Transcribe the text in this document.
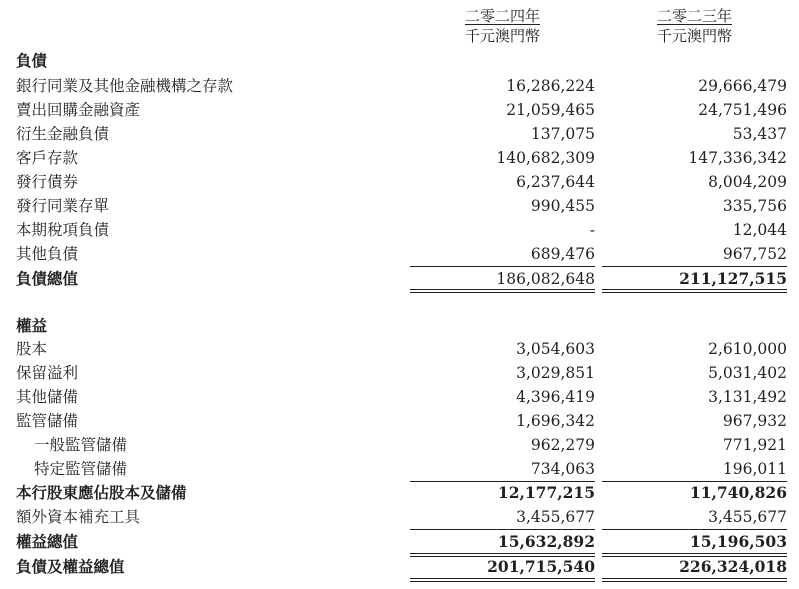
二零二四年
千元澳門幣
二零二三年
千元澳門幣
負債
銀行同業及其他金融機構之存款	16,286,224	29,666,479
賣出回購金融資產	21,059,465	24,751,496
衍生金融負債	137,075	53,437
客戶存款	140,682,309	147,336,342
發行債券	6,237,644	8,004,209
發行同業存單	990,455	335,756
本期稅項負債	-	12,044
其他負債	689,476	967,752
負債總值	186,082,648	211,127,515
權益
股本	3,054,603	2,610,000
保留溢利	3,029,851	5,031,402
其他儲備	4,396,419	3,131,492
監管儲備	1,696,342	967,932
一般監管儲備	962,279	771,921
特定監管儲備	734,063	196,011
本行股東應佔股本及儲備	12,177,215	11,740,826
額外資本補充工具	3,455,677	3,455,677
權益總值	15,632,892	15,196,503
負債及權益總值	201,715,540	226,324,018
